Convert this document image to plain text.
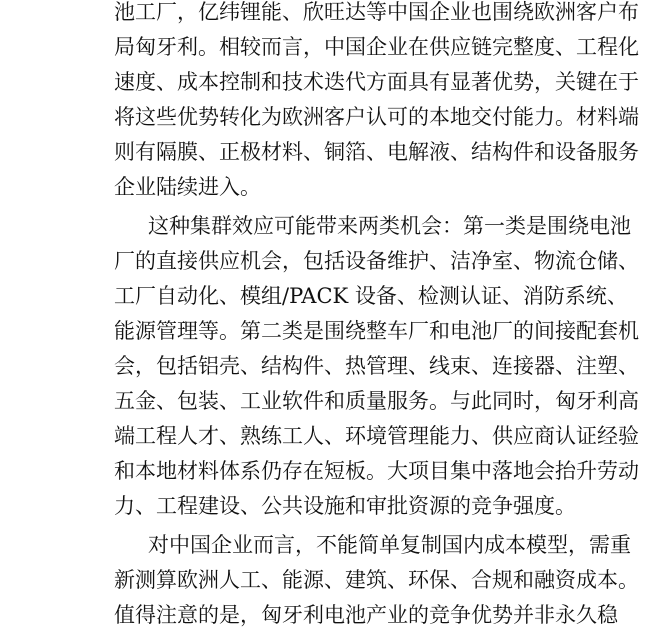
池工厂，亿纬锂能、欣旺达等中国企业也围绕欧洲客户布
局匈牙利。相较而言，中国企业在供应链完整度、工程化
速度、成本控制和技术迭代方面具有显著优势，关键在于
将这些优势转化为欧洲客户认可的本地交付能力。材料端
则有隔膜、正极材料、铜箔、电解液、结构件和设备服务
企业陆续进入。
这种集群效应可能带来两类机会：第一类是围绕电池
厂的直接供应机会，包括设备维护、洁净室、物流仓储、
工厂自动化、模组/PACK 设备、检测认证、消防系统、
能源管理等。第二类是围绕整车厂和电池厂的间接配套机
会，包括铝壳、结构件、热管理、线束、连接器、注塑、
五金、包装、工业软件和质量服务。与此同时，匈牙利高
端工程人才、熟练工人、环境管理能力、供应商认证经验
和本地材料体系仍存在短板。大项目集中落地会抬升劳动
力、工程建设、公共设施和审批资源的竞争强度。
对中国企业而言，不能简单复制国内成本模型，需重
新测算欧洲人工、能源、建筑、环保、合规和融资成本。
值得注意的是，匈牙利电池产业的竞争优势并非永久稳
